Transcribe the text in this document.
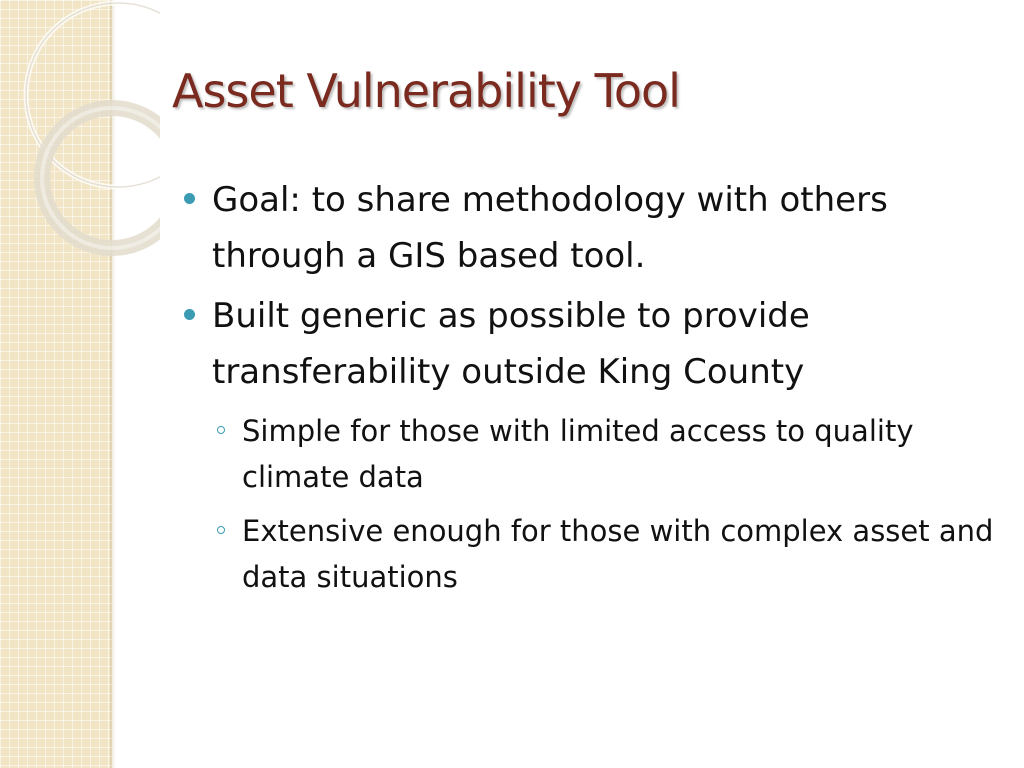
Asset Vulnerability Tool
Goal: to share methodology with others through a GIS based tool.
Built generic as possible to provide transferability outside King County
Simple for those with limited access to quality climate data
Extensive enough for those with complex asset and data situations
